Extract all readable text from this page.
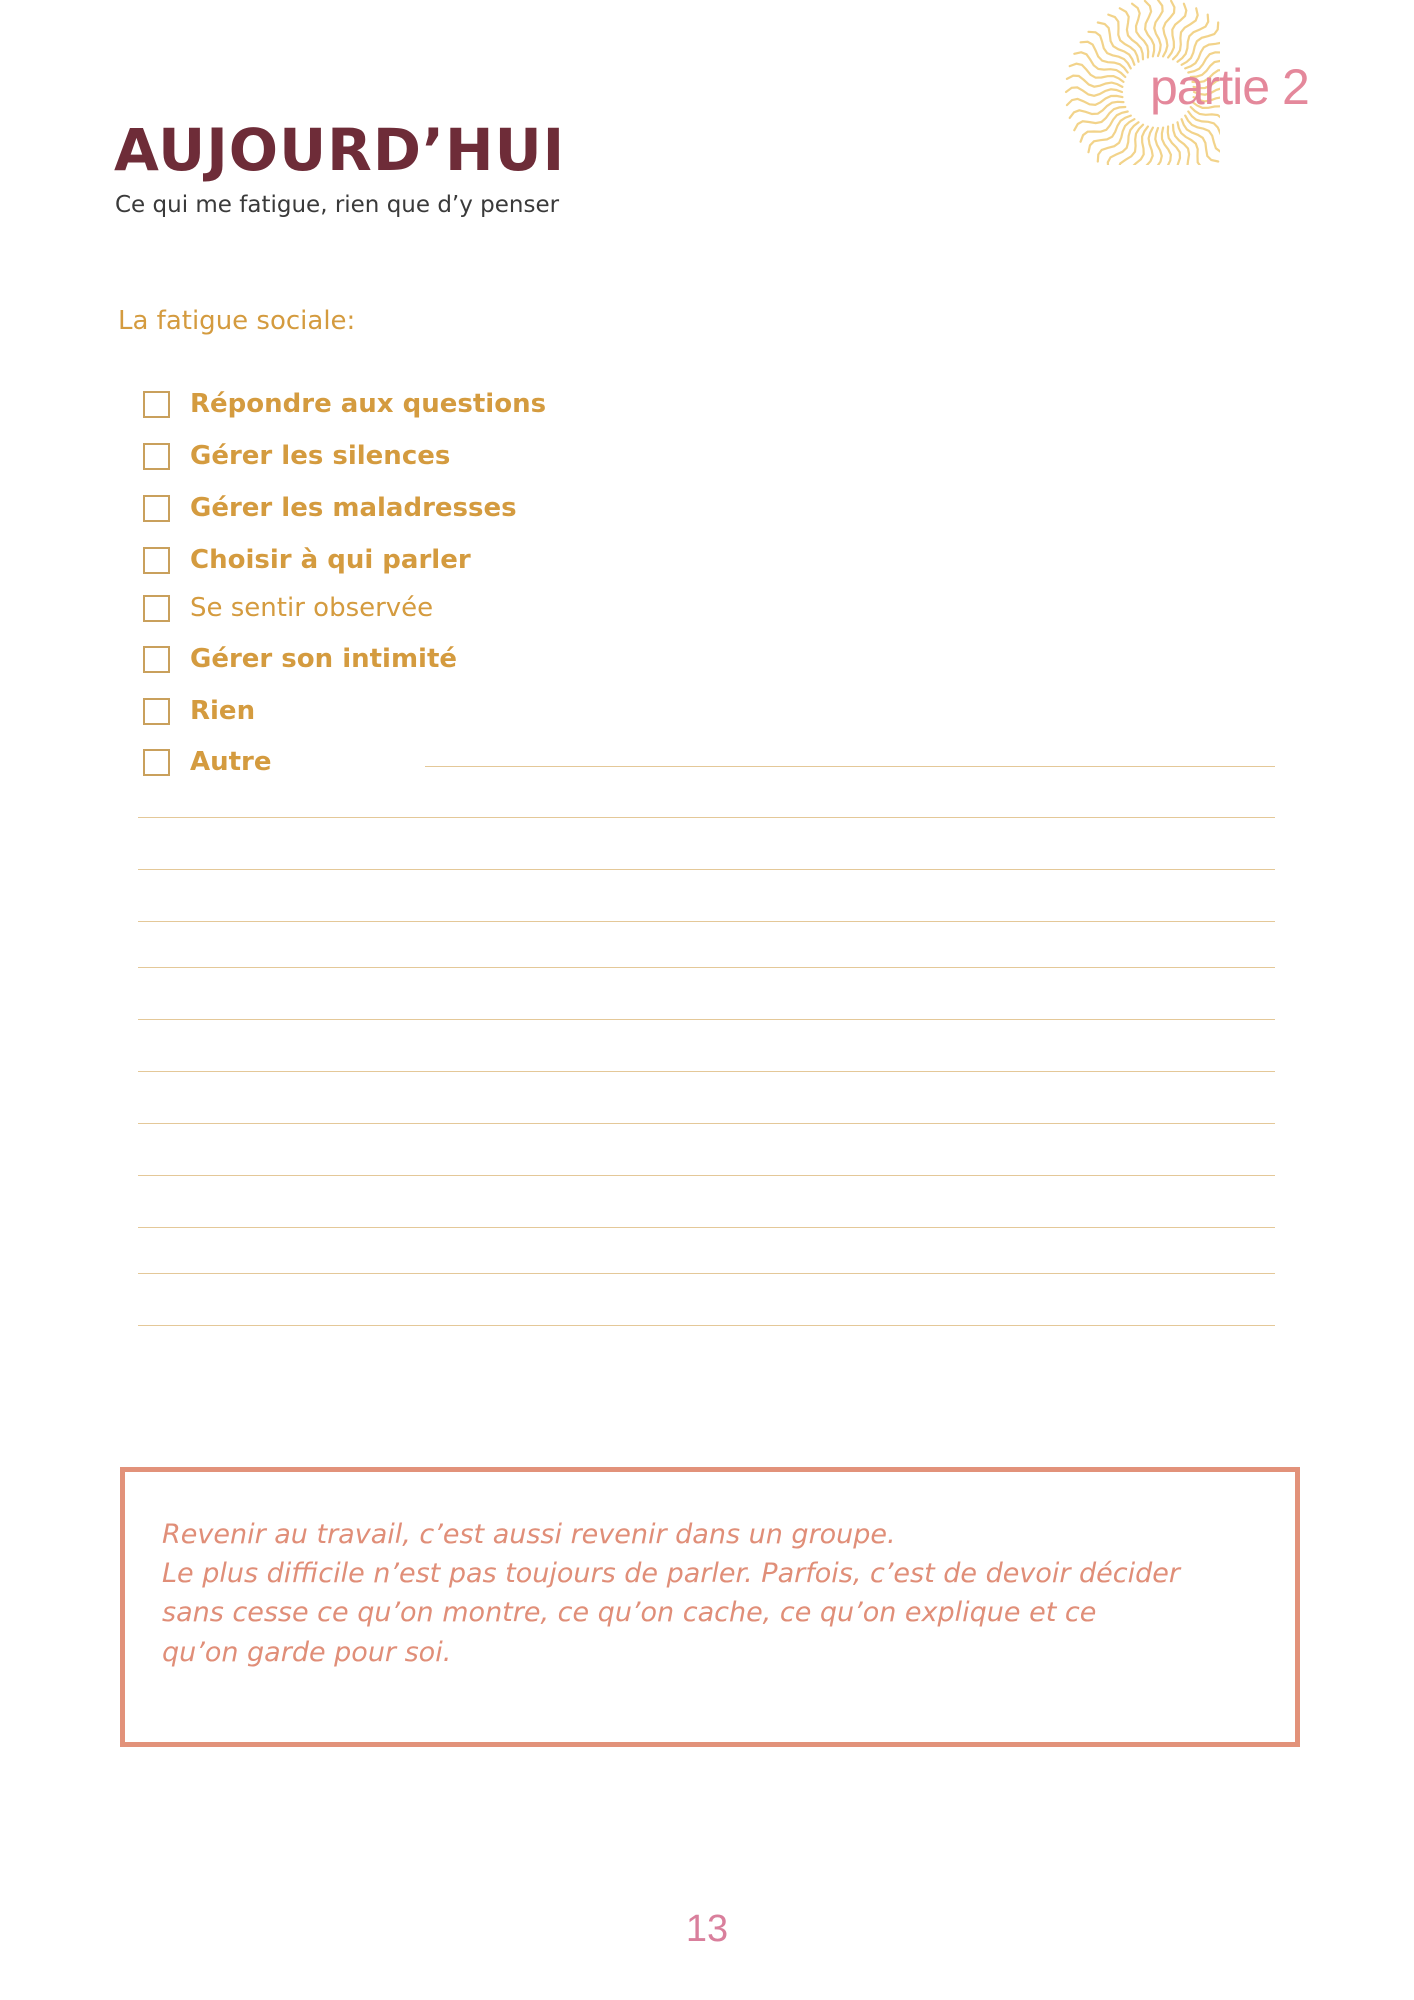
partie 2
AUJOURD’HUI
Ce qui me fatigue, rien que d’y penser
La fatigue sociale:
Répondre aux questions
Gérer les silences
Gérer les maladresses
Choisir à qui parler
Se sentir observée
Gérer son intimité
Rien
Autre
Revenir au travail, c’est aussi revenir dans un groupe.
Le plus difficile n’est pas toujours de parler. Parfois, c’est de devoir décider
sans cesse ce qu’on montre, ce qu’on cache, ce qu’on explique et ce
qu’on garde pour soi.
13
